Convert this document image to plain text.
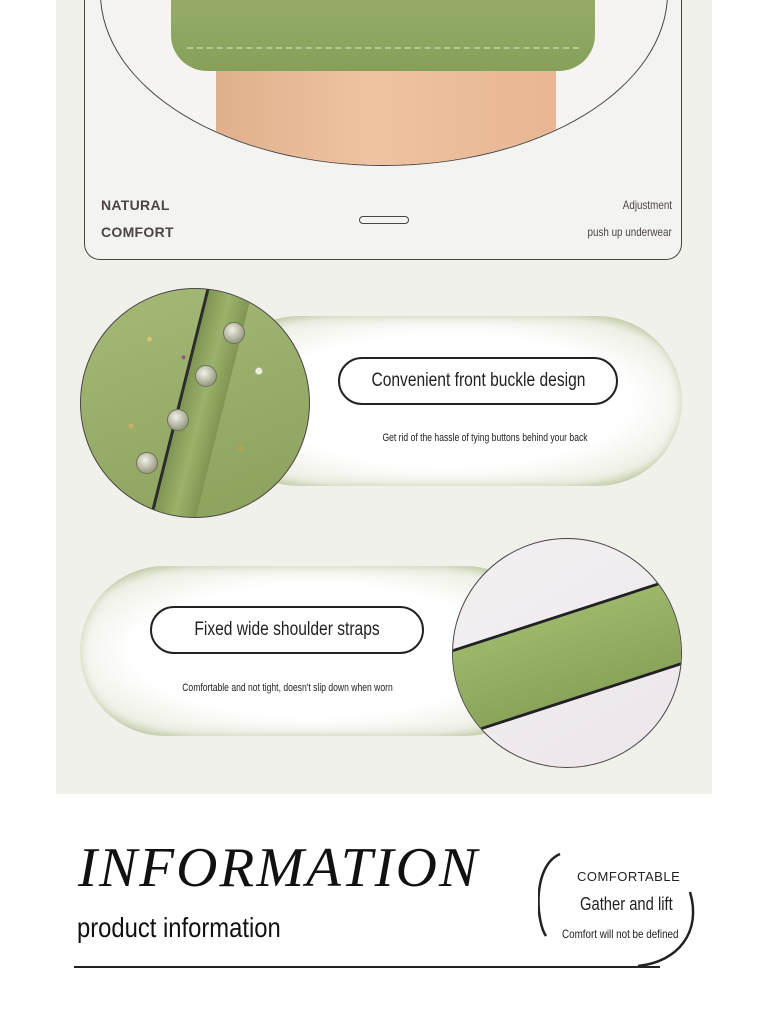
NATURAL
COMFORT
Adjustment
push up underwear
Convenient front buckle design
Get rid of the hassle of tying buttons behind your back
Fixed wide shoulder straps
Comfortable and not tight, doesn't slip down when worn
INFORMATION
product information
COMFORTABLE
Gather and lift
Comfort will not be defined
